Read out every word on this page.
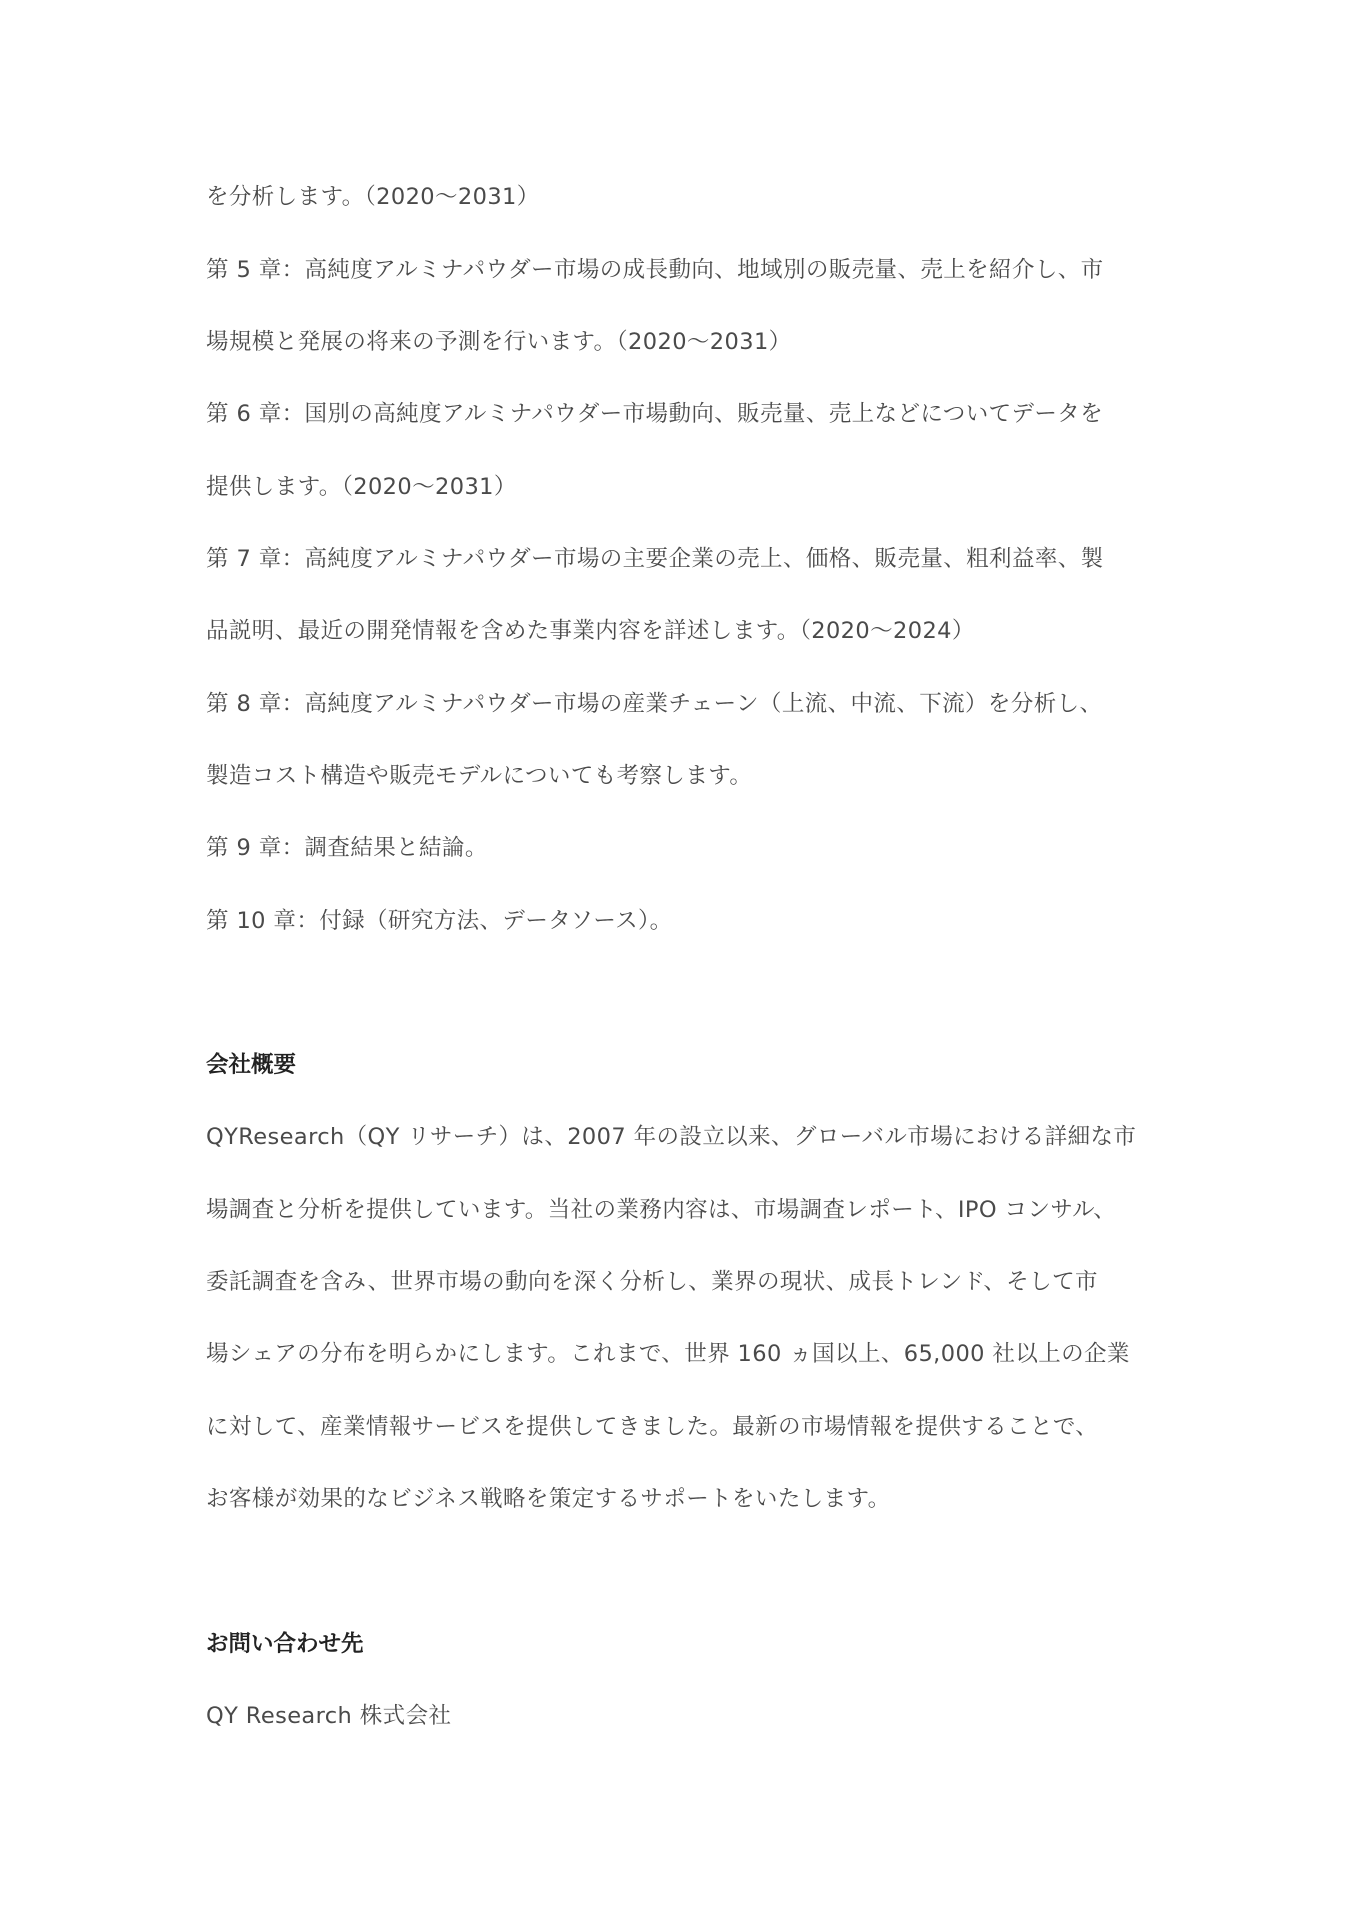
を分析します。（2020～2031）
第 5 章：高純度アルミナパウダー市場の成長動向、地域別の販売量、売上を紹介し、市
場規模と発展の将来の予測を行います。（2020～2031）
第 6 章：国別の高純度アルミナパウダー市場動向、販売量、売上などについてデータを
提供します。（2020～2031）
第 7 章：高純度アルミナパウダー市場の主要企業の売上、価格、販売量、粗利益率、製
品説明、最近の開発情報を含めた事業内容を詳述します。（2020～2024）
第 8 章：高純度アルミナパウダー市場の産業チェーン（上流、中流、下流）を分析し、
製造コスト構造や販売モデルについても考察します。
第 9 章：調査結果と結論。
第 10 章：付録（研究方法、データソース）。
会社概要
QYResearch（QY リサーチ）は、2007 年の設立以来、グローバル市場における詳細な市
場調査と分析を提供しています。当社の業務内容は、市場調査レポート、IPO コンサル、
委託調査を含み、世界市場の動向を深く分析し、業界の現状、成長トレンド、そして市
場シェアの分布を明らかにします。これまで、世界 160 ヵ国以上、65,000 社以上の企業
に対して、産業情報サービスを提供してきました。最新の市場情報を提供することで、
お客様が効果的なビジネス戦略を策定するサポートをいたします。
お問い合わせ先
QY Research 株式会社
